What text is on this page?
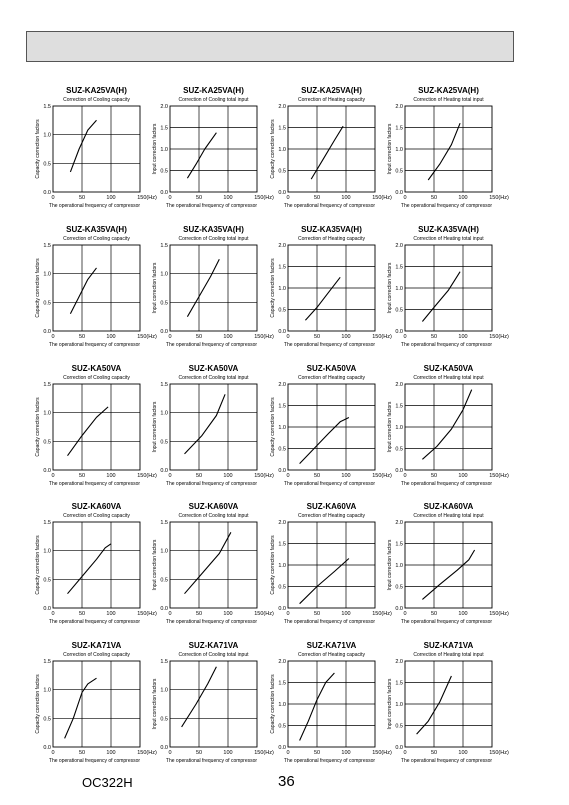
SUZ-KA25VA(H)
Correction of Cooling capacity
0.0
0.5
1.0
1.5
0	50	100	150(Hz)
The operational frequency of compressor
Capacity correction factors
SUZ-KA25VA(H)
Correction of Cooling total input
0.0
0.5
1.0
1.5
2.0
0	50	100	150(Hz)
The operational frequency of compressor
Input correction factors
SUZ-KA25VA(H)
Correction of Heating capacity
0.0
0.5
1.0
1.5
2.0
0	50	100	150(Hz)
The operational frequency of compressor
Capacity correction factors
SUZ-KA25VA(H)
Correction of Heating total input
0.0
0.5
1.0
1.5
2.0
0	50	100	150(Hz)
The operational frequency of compressor
Input correction factors
SUZ-KA35VA(H)
Correction of Cooling capacity
0.0
0.5
1.0
1.5
0	50	100	150(Hz)
The operational frequency of compressor
Capacity correction factors
SUZ-KA35VA(H)
Correction of Cooling total input
0.0
0.5
1.0
1.5
0	50	100	150(Hz)
The operational frequency of compressor
Input correction factors
SUZ-KA35VA(H)
Correction of Heating capacity
0.0
0.5
1.0
1.5
2.0
0	50	100	150(Hz)
The operational frequency of compressor
Capacity correction factors
SUZ-KA35VA(H)
Correction of Heating total input
0.0
0.5
1.0
1.5
2.0
0	50	100	150(Hz)
The operational frequency of compressor
Input correction factors
SUZ-KA50VA
Correction of Cooling capacity
0.0
0.5
1.0
1.5
0	50	100	150(Hz)
The operational frequency of compressor
Capacity correction factors
SUZ-KA50VA
Correction of Cooling total input
0.0
0.5
1.0
1.5
0	50	100	150(Hz)
The operational frequency of compressor
Input correction factors
SUZ-KA50VA
Correction of Heating capacity
0.0
0.5
1.0
1.5
2.0
0	50	100	150(Hz)
The operational frequency of compressor
Capacity correction factors
SUZ-KA50VA
Correction of Heating total input
0.0
0.5
1.0
1.5
2.0
0	50	100	150(Hz)
The operational frequency of compressor
Input correction factors
SUZ-KA60VA
Correction of Cooling capacity
0.0
0.5
1.0
1.5
0	50	100	150(Hz)
The operational frequency of compressor
Capacity correction factors
SUZ-KA60VA
Correction of Cooling total input
0.0
0.5
1.0
1.5
0	50	100	150(Hz)
The operational frequency of compressor
Input correction factors
SUZ-KA60VA
Correction of Heating capacity
0.0
0.5
1.0
1.5
2.0
0	50	100	150(Hz)
The operational frequency of compressor
Capacity correction factors
SUZ-KA60VA
Correction of Heating total input
0.0
0.5
1.0
1.5
2.0
0	50	100	150(Hz)
The operational frequency of compressor
Input correction factors
SUZ-KA71VA
Correction of Cooling capacity
0.0
0.5
1.0
1.5
0	50	100	150(Hz)
The operational frequency of compressor
Capacity correction factors
SUZ-KA71VA
Correction of Cooling total input
0.0
0.5
1.0
1.5
0	50	100	150(Hz)
The operational frequency of compressor
Input correction factors
SUZ-KA71VA
Correction of Heating capacity
0.0
0.5
1.0
1.5
2.0
0	50	100	150(Hz)
The operational frequency of compressor
Capacity correction factors
SUZ-KA71VA
Correction of Heating total input
0.0
0.5
1.0
1.5
2.0
0	50	100	150(Hz)
The operational frequency of compressor
Input correction factors
OC322H	36
